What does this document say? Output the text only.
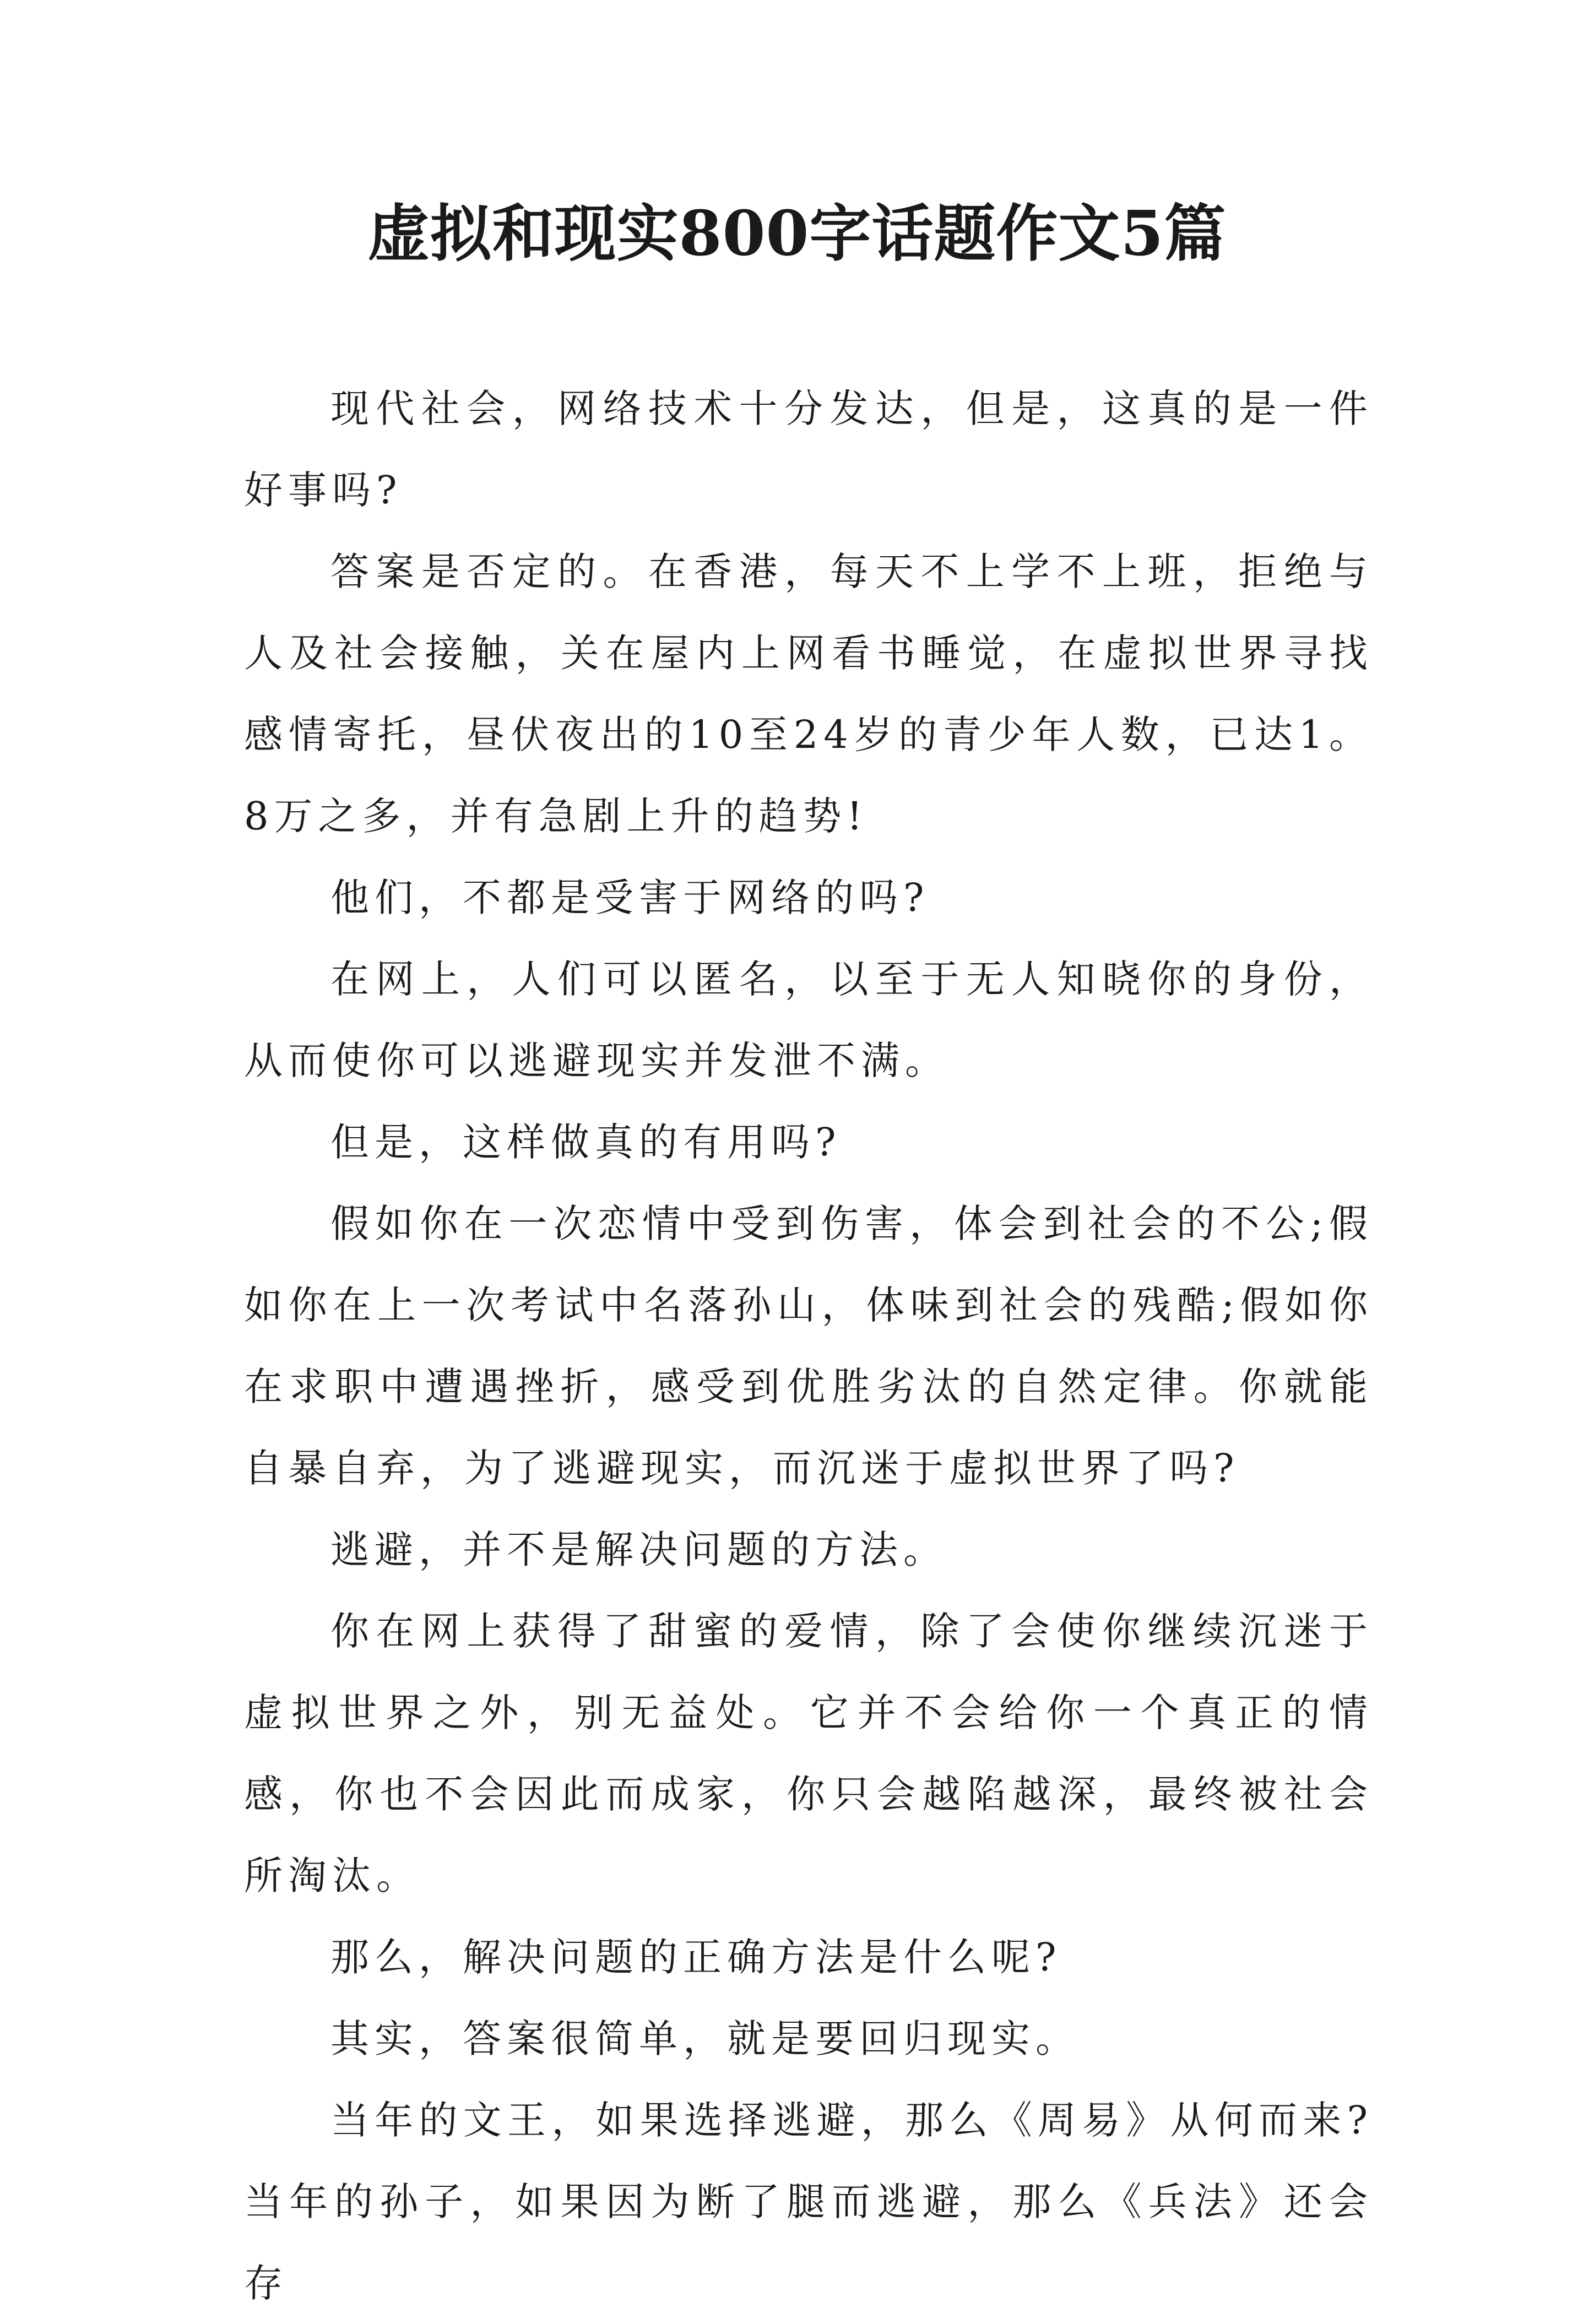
虚拟和现实800字话题作文5篇

现代社会，网络技术十分发达，但是，这真的是一件好事吗?

答案是否定的。在香港，每天不上学不上班，拒绝与人及社会接触，关在屋内上网看书睡觉，在虚拟世界寻找感情寄托，昼伏夜出的10至24岁的青少年人数，已达1。8万之多，并有急剧上升的趋势!

他们，不都是受害于网络的吗?

在网上，人们可以匿名，以至于无人知晓你的身份，从而使你可以逃避现实并发泄不满。

但是，这样做真的有用吗?

假如你在一次恋情中受到伤害，体会到社会的不公;假如你在上一次考试中名落孙山，体味到社会的残酷;假如你在求职中遭遇挫折，感受到优胜劣汰的自然定律。你就能自暴自弃，为了逃避现实，而沉迷于虚拟世界了吗?

逃避，并不是解决问题的方法。

你在网上获得了甜蜜的爱情，除了会使你继续沉迷于虚拟世界之外，别无益处。它并不会给你一个真正的情感，你也不会因此而成家，你只会越陷越深，最终被社会所淘汰。

那么，解决问题的正确方法是什么呢?

其实，答案很简单，就是要回归现实。

当年的文王，如果选择逃避，那么《周易》从何而来?当年的孙子，如果因为断了腿而逃避，那么《兵法》还会存
